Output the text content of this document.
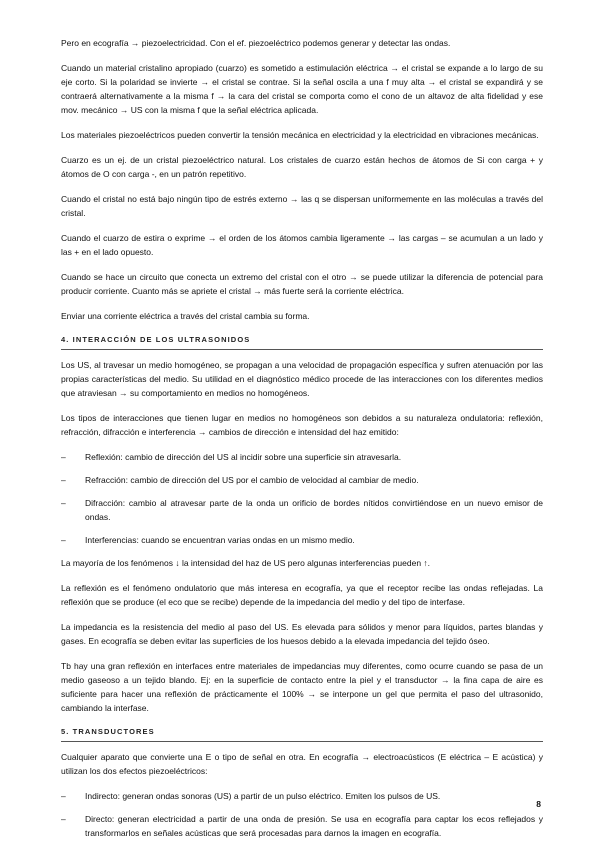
Pero en ecografía → piezoelectricidad. Con el ef. piezoeléctrico podemos generar y detectar las ondas.

Cuando un material cristalino apropiado (cuarzo) es sometido a estimulación eléctrica → el cristal se expande a lo largo de su eje corto. Si la polaridad se invierte → el cristal se contrae. Si la señal oscila a una f muy alta → el cristal se expandirá y se contraerá alternativamente a la misma f → la cara del cristal se comporta como el cono de un altavoz de alta fidelidad y ese mov. mecánico → US con la misma f que la señal eléctrica aplicada.

Los materiales piezoeléctricos pueden convertir la tensión mecánica en electricidad y la electricidad en vibraciones mecánicas.

Cuarzo es un ej. de un cristal piezoeléctrico natural. Los cristales de cuarzo están hechos de átomos de Si con carga + y átomos de O con carga -, en un patrón repetitivo.

Cuando el cristal no está bajo ningún tipo de estrés externo → las q se dispersan uniformemente en las moléculas a través del cristal.

Cuando el cuarzo de estira o exprime → el orden de los átomos cambia ligeramente → las cargas – se acumulan a un lado y las + en el lado opuesto.

Cuando se hace un circuito que conecta un extremo del cristal con el otro → se puede utilizar la diferencia de potencial para producir corriente. Cuanto más se apriete el cristal → más fuerte será la corriente eléctrica.

Enviar una corriente eléctrica a través del cristal cambia su forma.

4. INTERACCIÓN DE LOS ULTRASONIDOS

Los US, al travesar un medio homogéneo, se propagan a una velocidad de propagación específica y sufren atenuación por las propias características del medio. Su utilidad en el diagnóstico médico procede de las interacciones con los diferentes medios que atraviesan → su comportamiento en medios no homogéneos.

Los tipos de interacciones que tienen lugar en medios no homogéneos son debidos a su naturaleza ondulatoria: reflexión, refracción, difracción e interferencia → cambios de dirección e intensidad del haz emitido:

– Reflexión: cambio de dirección del US al incidir sobre una superficie sin atravesarla.
– Refracción: cambio de dirección del US por el cambio de velocidad al cambiar de medio.
– Difracción: cambio al atravesar parte de la onda un orificio de bordes nítidos convirtiéndose en un nuevo emisor de ondas.
– Interferencias: cuando se encuentran varias ondas en un mismo medio.

La mayoría de los fenómenos ↓ la intensidad del haz de US pero algunas interferencias pueden ↑.

La reflexión es el fenómeno ondulatorio que más interesa en ecografía, ya que el receptor recibe las ondas reflejadas. La reflexión que se produce (el eco que se recibe) depende de la impedancia del medio y del tipo de interfase.

La impedancia es la resistencia del medio al paso del US. Es elevada para sólidos y menor para líquidos, partes blandas y gases. En ecografía se deben evitar las superficies de los huesos debido a la elevada impedancia del tejido óseo.

Tb hay una gran reflexión en interfaces entre materiales de impedancias muy diferentes, como ocurre cuando se pasa de un medio gaseoso a un tejido blando. Ej: en la superficie de contacto entre la piel y el transductor → la fina capa de aire es suficiente para hacer una reflexión de prácticamente el 100% → se interpone un gel que permita el paso del ultrasonido, cambiando la interfase.

5. TRANSDUCTORES

Cualquier aparato que convierte una E o tipo de señal en otra. En ecografía → electroacústicos (E eléctrica – E acústica) y utilizan los dos efectos piezoeléctricos:

– Indirecto: generan ondas sonoras (US) a partir de un pulso eléctrico. Emiten los pulsos de US.
– Directo: generan electricidad a partir de una onda de presión. Se usa en ecografía para captar los ecos reflejados y transformarlos en señales acústicas que será procesadas para darnos la imagen en ecografía.
8
